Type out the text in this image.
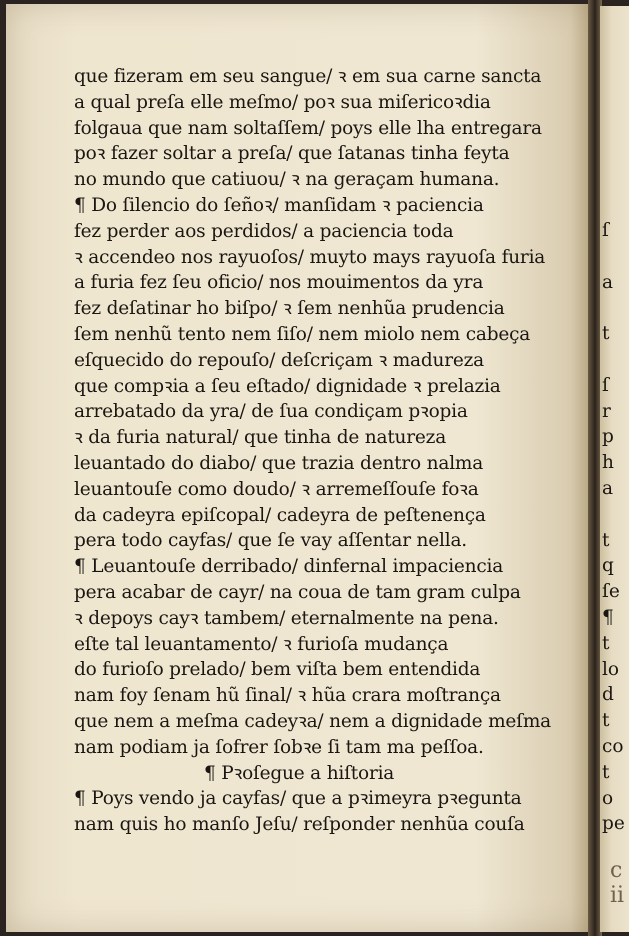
que fizeram em seu sangue/ ꝛ em sua carne sancta
a qual preſa elle meſmo/ poꝛ sua miſericoꝛdia
folgaua que nam soltaſſem/ poys elle lha entregara
poꝛ fazer soltar a preſa/ que ſatanas tinha feyta
no mundo que catiuou/ ꝛ na geraçam humana.
¶ Do ſilencio do ſeñoꝛ/ manſidam ꝛ paciencia
fez perder aos perdidos/ a paciencia toda
ꝛ accendeo nos rayuoſos/ muyto mays rayuoſa furia
a furia fez ſeu oficio/ nos mouimentos da yra
fez deſatinar ho biſpo/ ꝛ ſem nenhũa prudencia
ſem nenhũ tento nem ſiſo/ nem miolo nem cabeça
eſquecido do repouſo/ deſcriçam ꝛ madureza
que compꝛia a ſeu eſtado/ dignidade ꝛ prelazia
arrebatado da yra/ de ſua condiçam pꝛopia
ꝛ da furia natural/ que tinha de natureza
leuantado do diabo/ que trazia dentro nalma
leuantouſe como doudo/ ꝛ arremeſſouſe foꝛa
da cadeyra epiſcopal/ cadeyra de peſtenença
pera todo cayfas/ que ſe vay aſſentar nella.
¶ Leuantouſe derribado/ dinfernal impaciencia
pera acabar de cayr/ na coua de tam gram culpa
ꝛ depoys cayꝛ tambem/ eternalmente na pena.
eſte tal leuantamento/ ꝛ furioſa mudança
do furioſo prelado/ bem viſta bem entendida
nam foy ſenam hũ ſinal/ ꝛ hũa crara moſtrança
que nem a meſma cadeyꝛa/ nem a dignidade meſma
nam podiam ja ſofrer ſobꝛe ſi tam ma peſſoa.
¶ Pꝛoſegue a hiſtoria
¶ Poys vendo ja cayfas/ que a pꝛimeyra pꝛegunta
nam quis ho manſo Jeſu/ reſponder nenhũa couſa
ſ
a
t
ſ
r
p
h
a
t
q
ſe
¶
t
lo
d
t
co
t
o
pe
c ii
